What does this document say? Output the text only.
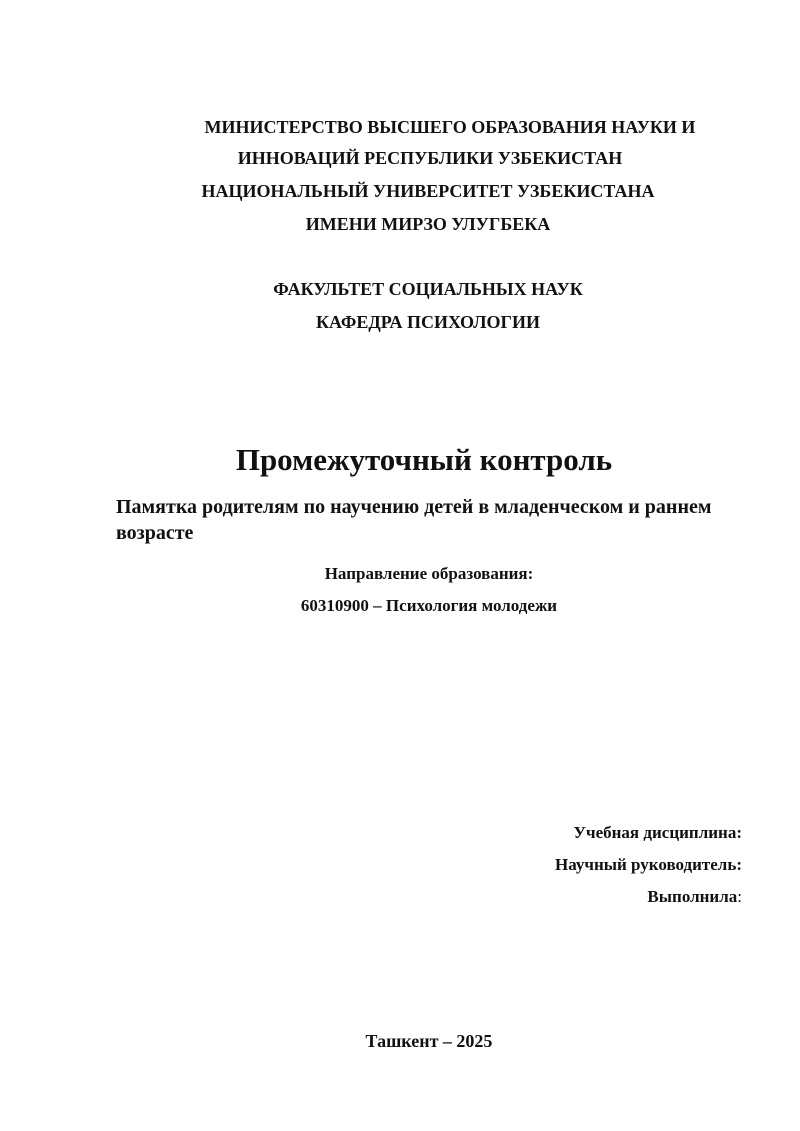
МИНИСТЕРСТВО ВЫСШЕГО ОБРАЗОВАНИЯ НАУКИ И
ИННОВАЦИЙ РЕСПУБЛИКИ УЗБЕКИСТАН
НАЦИОНАЛЬНЫЙ УНИВЕРСИТЕТ УЗБЕКИСТАНА
ИМЕНИ МИРЗО УЛУГБЕКА
ФАКУЛЬТЕТ СОЦИАЛЬНЫХ НАУК
КАФЕДРА ПСИХОЛОГИИ
Промежуточный контроль
Памятка родителям по научению детей в младенческом и раннем возрасте
Направление образования:
60310900 – Психология молодежи
Учебная дисциплина:
Научный руководитель:
Выполнила:
Ташкент – 2025
